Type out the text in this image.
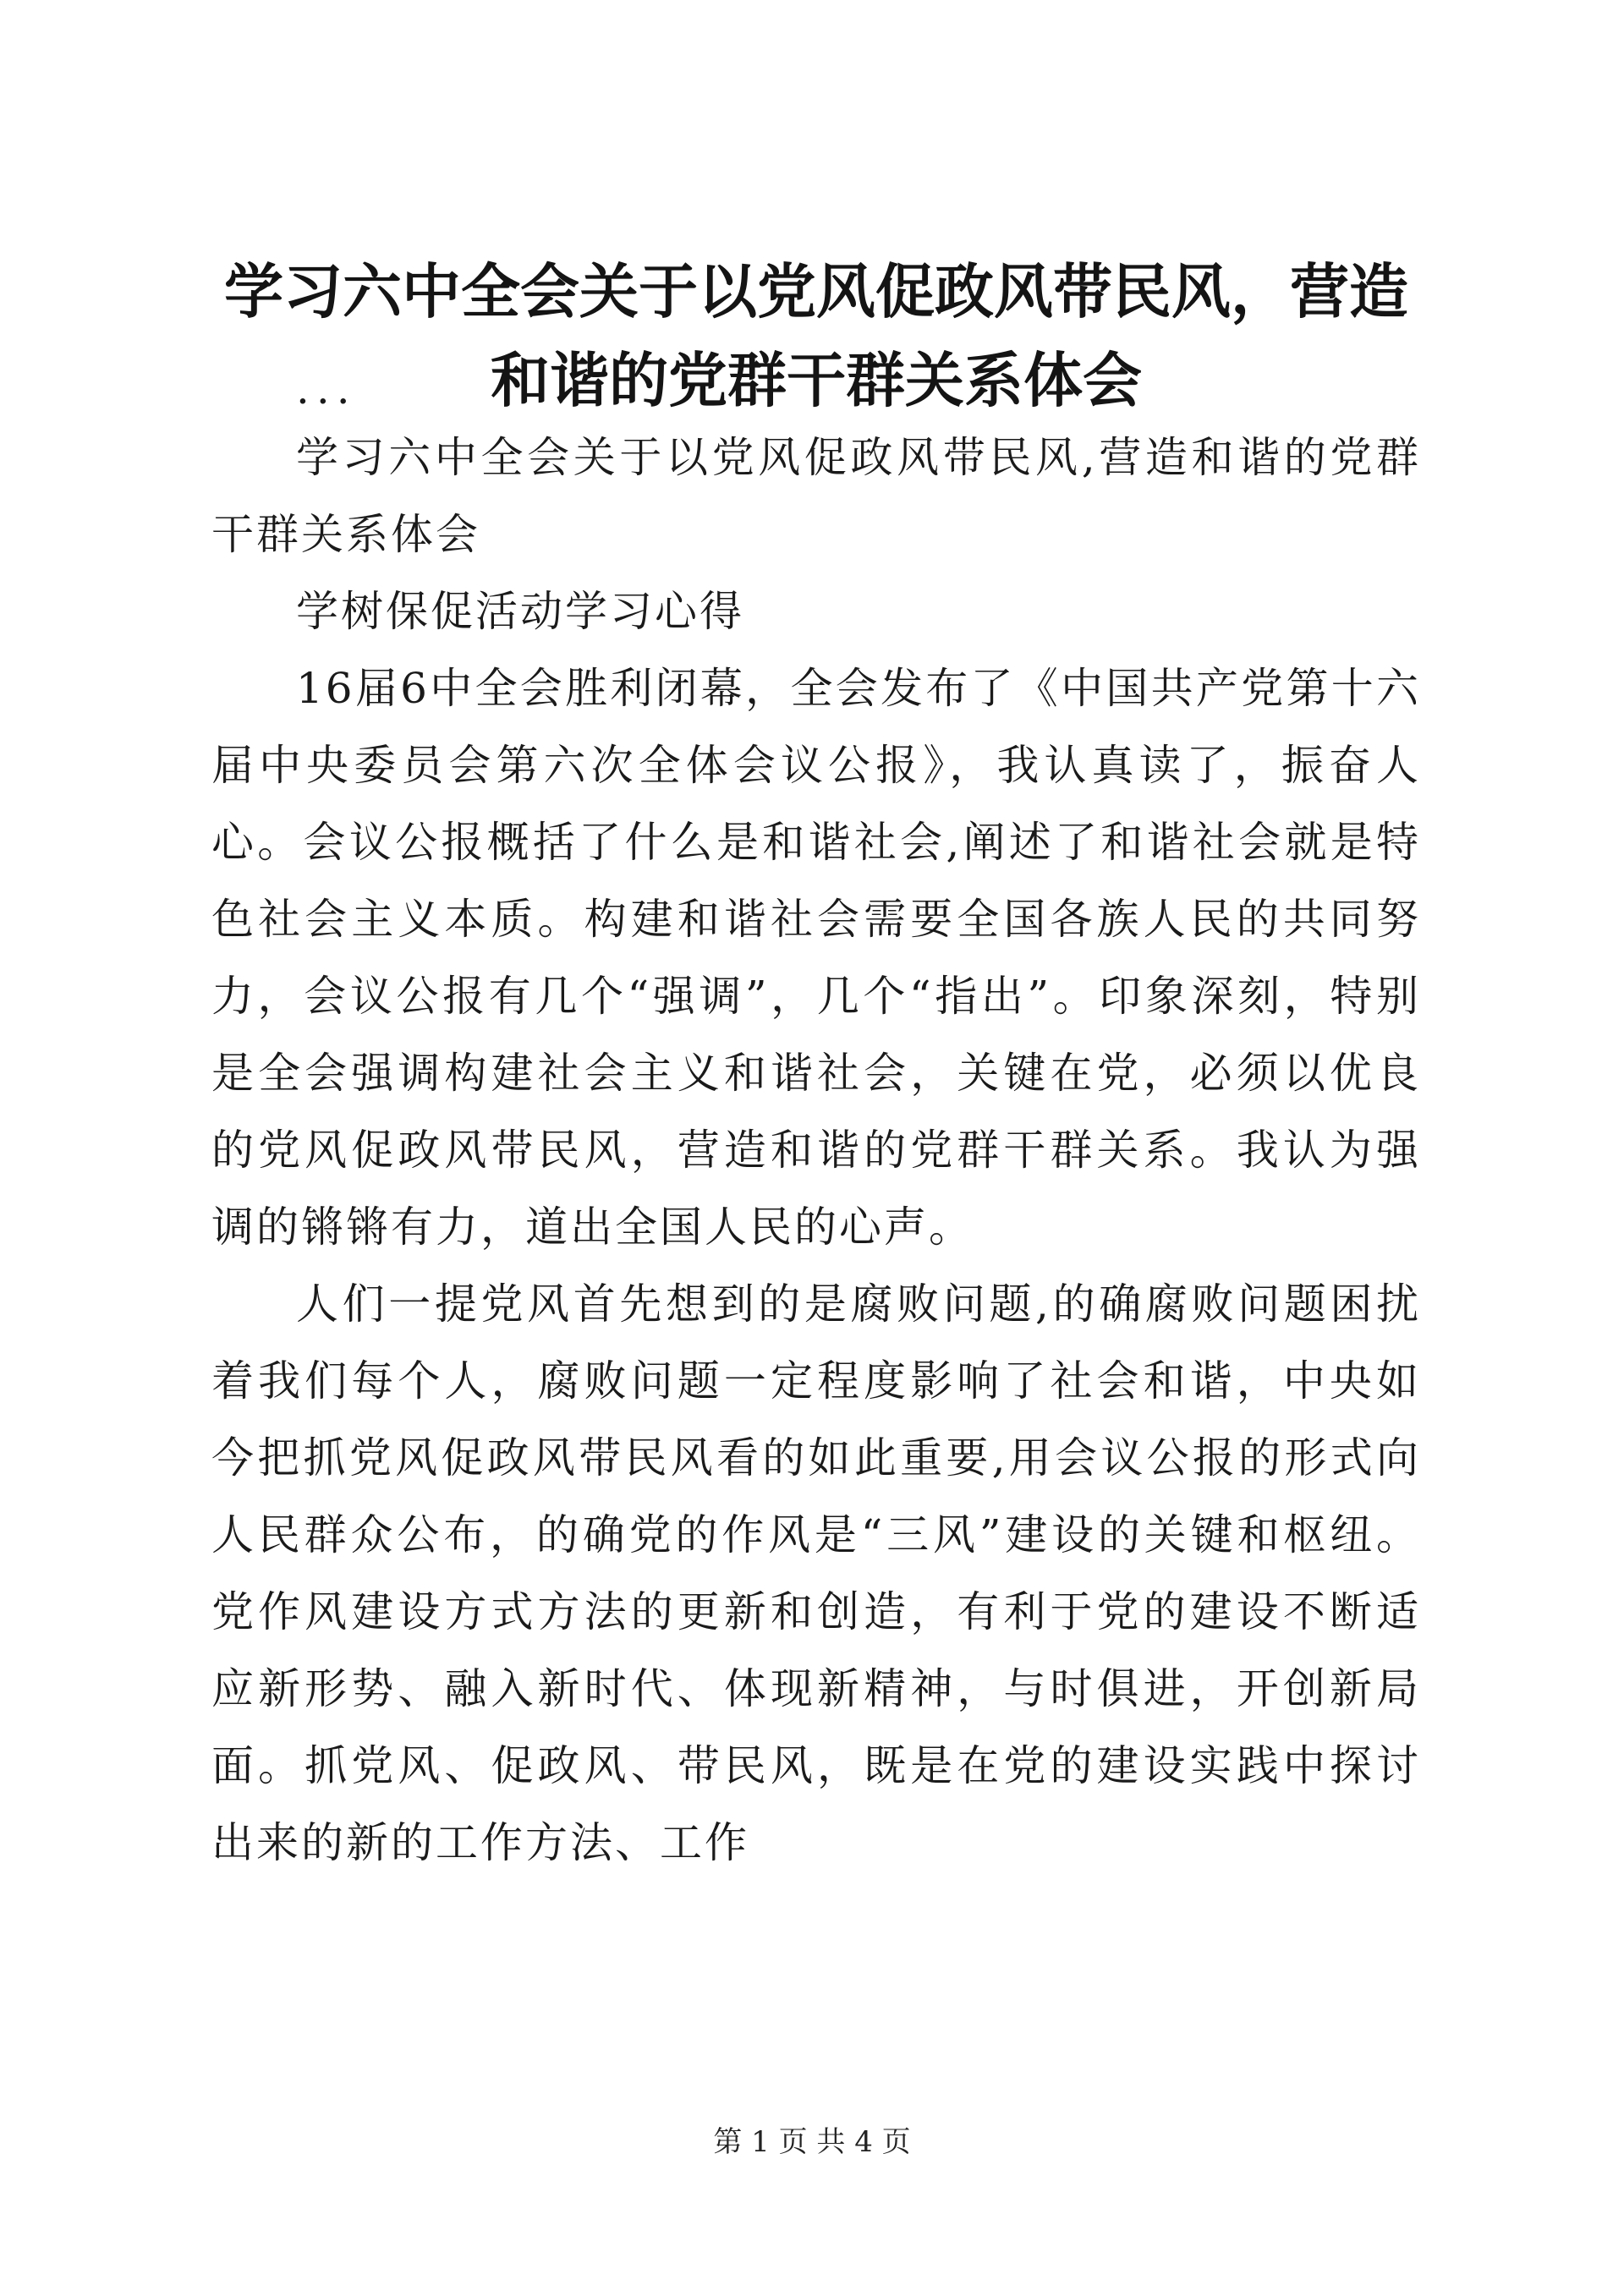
学习六中全会关于以党风促政风带民风，营造
和谐的党群干群关系体会

...

学习六中全会关于以党风促政风带民风,营造和谐的党群干群关系体会

学树保促活动学习心得

16届6中全会胜利闭幕，全会发布了《中国共产党第十六届中央委员会第六次全体会议公报》，我认真读了，振奋人心。会议公报概括了什么是和谐社会,阐述了和谐社会就是特色社会主义本质。构建和谐社会需要全国各族人民的共同努力，会议公报有几个“强调”，几个“指出”。印象深刻，特别是全会强调构建社会主义和谐社会，关键在党，必须以优良的党风促政风带民风，营造和谐的党群干群关系。我认为强调的锵锵有力，道出全国人民的心声。

人们一提党风首先想到的是腐败问题,的确腐败问题困扰着我们每个人，腐败问题一定程度影响了社会和谐，中央如今把抓党风促政风带民风看的如此重要,用会议公报的形式向人民群众公布，的确党的作风是“三风”建设的关键和枢纽。党作风建设方式方法的更新和创造，有利于党的建设不断适应新形势、融入新时代、体现新精神，与时俱进，开创新局面。抓党风、促政风、带民风，既是在党的建设实践中探讨出来的新的工作方法、工作

第 1 页 共 4 页
